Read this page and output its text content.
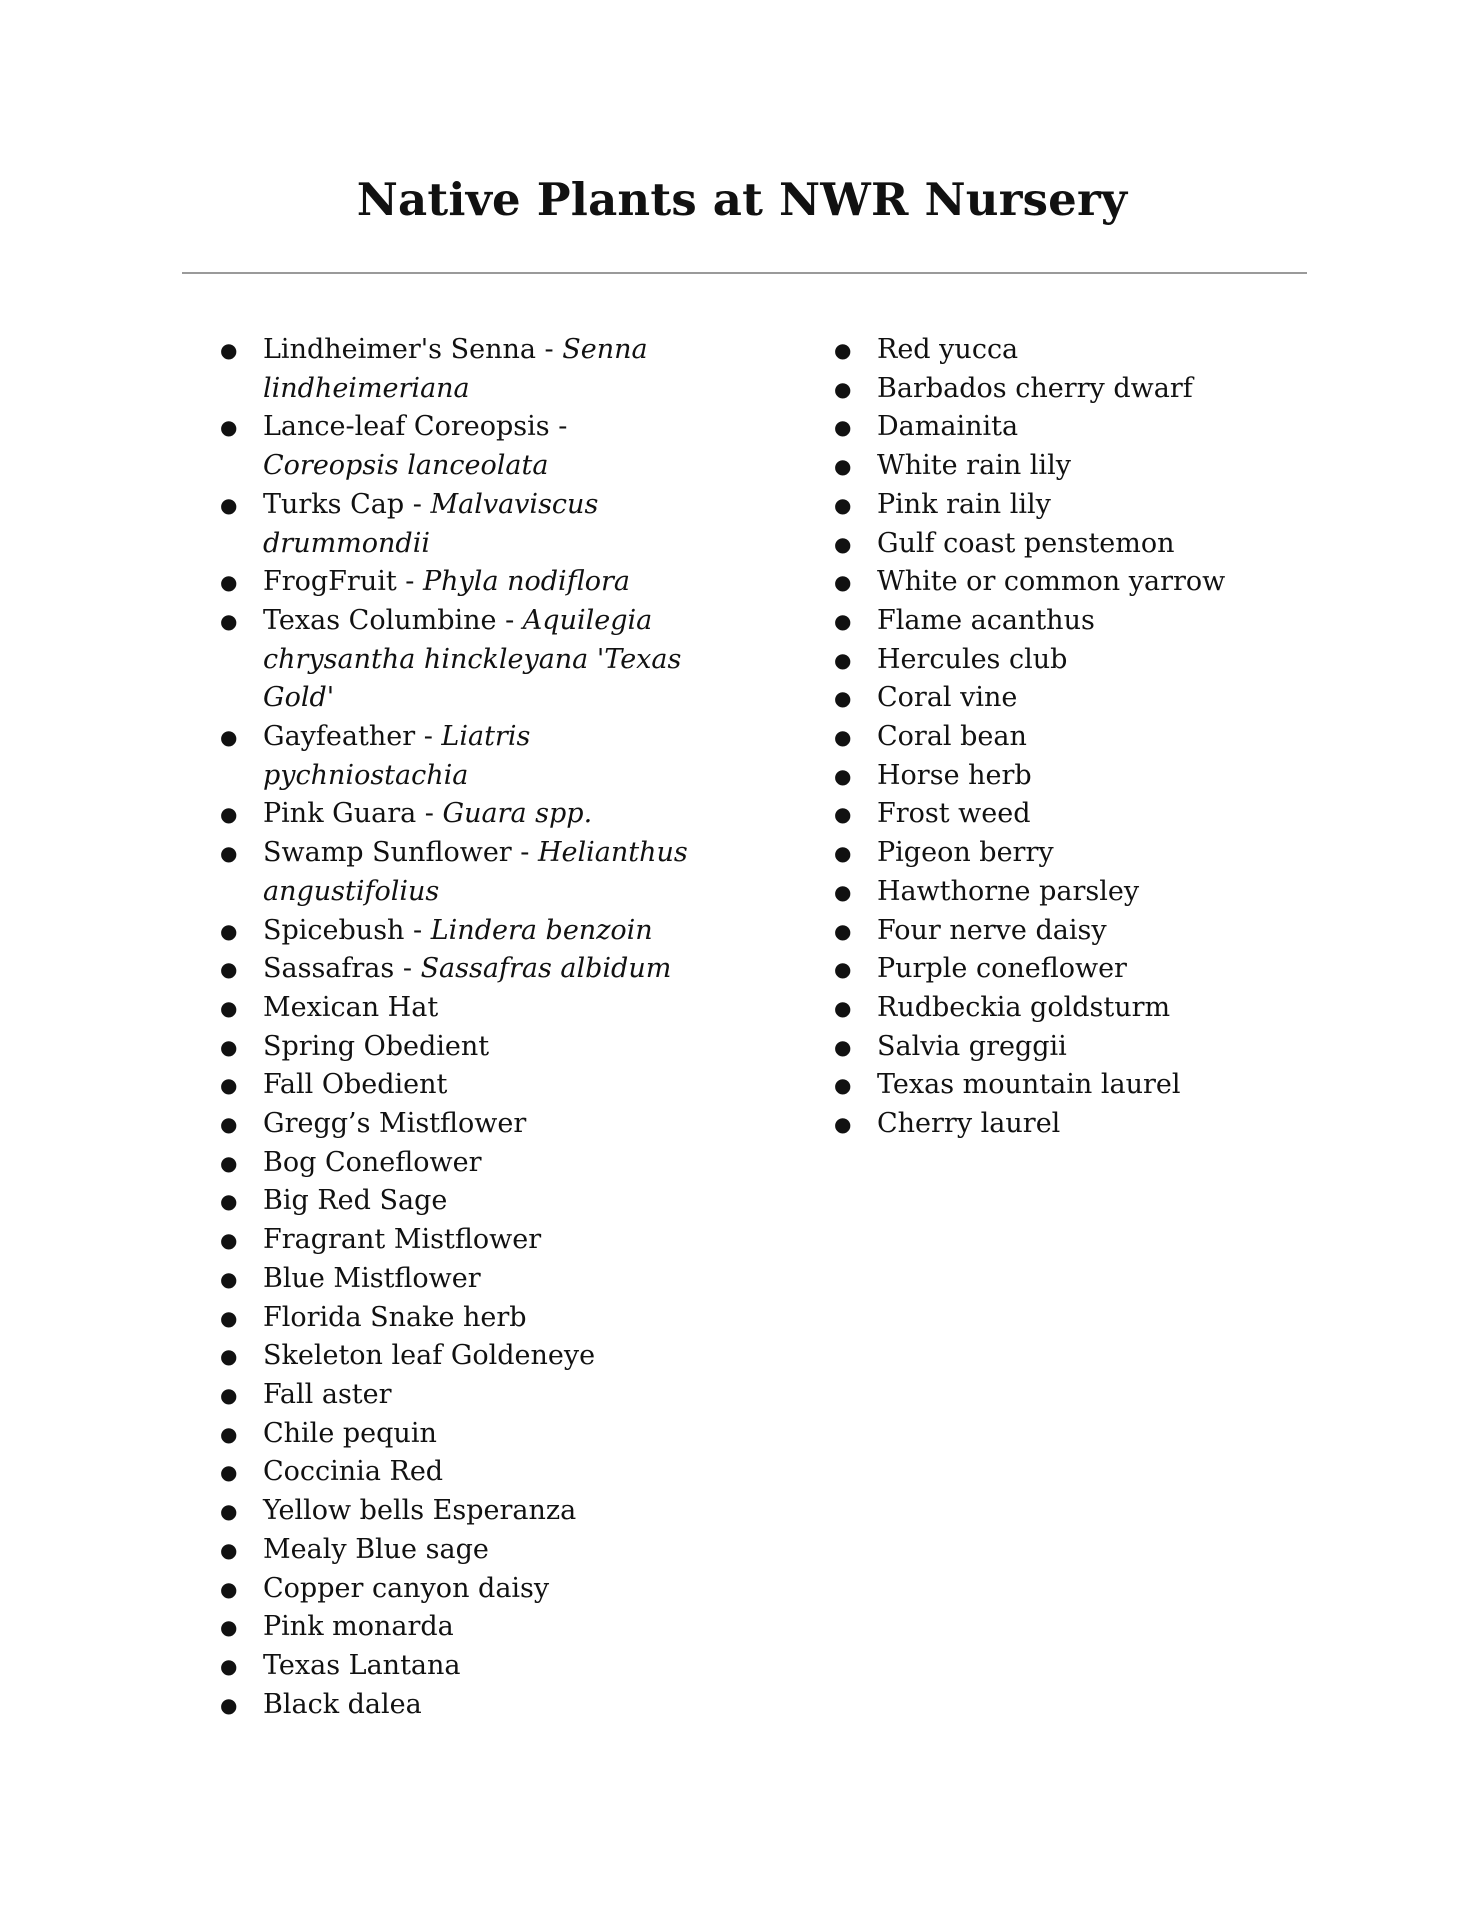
Native Plants at NWR Nursery
● Lindheimer's Senna - Senna lindheimeriana
● Lance-leaf Coreopsis - Coreopsis lanceolata
● Turks Cap - Malvaviscus drummondii
● FrogFruit - Phyla nodiflora
● Texas Columbine - Aquilegia chrysantha hinckleyana 'Texas Gold'
● Gayfeather - Liatris pychniostachia
● Pink Guara - Guara spp.
● Swamp Sunflower - Helianthus angustifolius
● Spicebush - Lindera benzoin
● Sassafras - Sassafras albidum
● Mexican Hat
● Spring Obedient
● Fall Obedient
● Gregg’s Mistflower
● Bog Coneflower
● Big Red Sage
● Fragrant Mistflower
● Blue Mistflower
● Florida Snake herb
● Skeleton leaf Goldeneye
● Fall aster
● Chile pequin
● Coccinia Red
● Yellow bells Esperanza
● Mealy Blue sage
● Copper canyon daisy
● Pink monarda
● Texas Lantana
● Black dalea
● Red yucca
● Barbados cherry dwarf
● Damainita
● White rain lily
● Pink rain lily
● Gulf coast penstemon
● White or common yarrow
● Flame acanthus
● Hercules club
● Coral vine
● Coral bean
● Horse herb
● Frost weed
● Pigeon berry
● Hawthorne parsley
● Four nerve daisy
● Purple coneflower
● Rudbeckia goldsturm
● Salvia greggii
● Texas mountain laurel
● Cherry laurel
